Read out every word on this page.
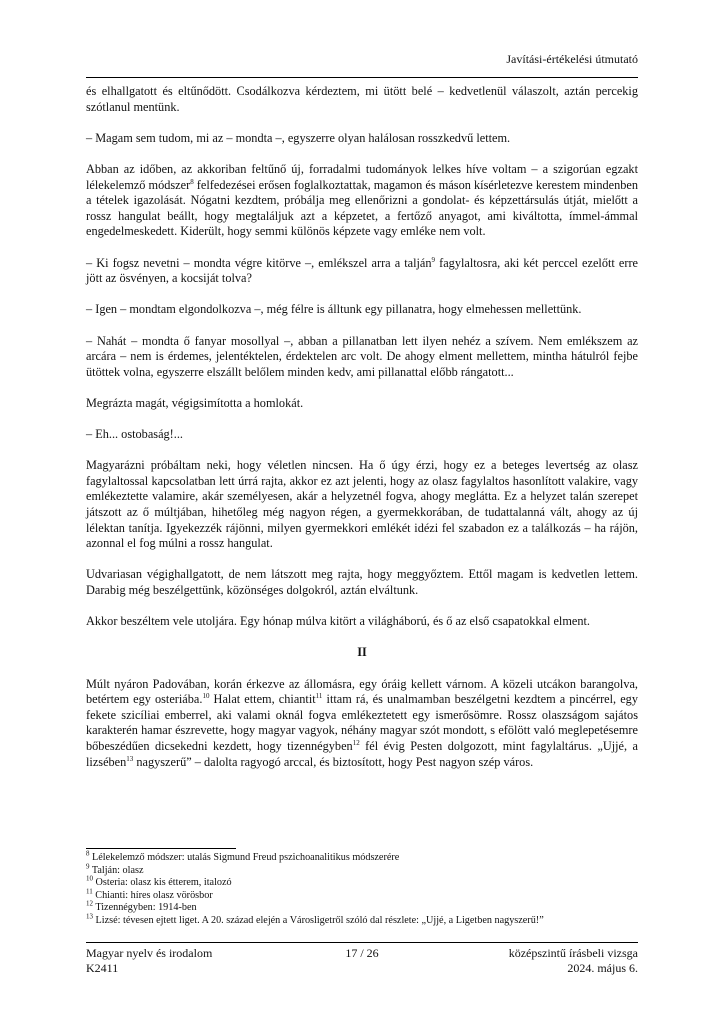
Javítási-értékelési útmutató

és elhallgatott és eltűnődött. Csodálkozva kérdeztem, mi ütött belé – kedvetlenül válaszolt, aztán percekig szótlanul mentünk.

– Magam sem tudom, mi az – mondta –, egyszerre olyan halálosan rosszkedvű lettem.

Abban az időben, az akkoriban feltűnő új, forradalmi tudományok lelkes híve voltam – a szigorúan egzakt lélekelemző módszer$^8$ felfedezései erősen foglalkoztattak, magamon és máson kísérletezve kerestem mindenben a tételek igazolását. Nógatni kezdtem, próbálja meg ellenőrizni a gondolat- és képzettársulás útját, mielőtt a rossz hangulat beállt, hogy megtaláljuk azt a képzetet, a fertőző anyagot, ami kiváltotta, ímmel-ámmal engedelmeskedett. Kiderült, hogy semmi különös képzete vagy emléke nem volt.

– Ki fogsz nevetni – mondta végre kitörve –, emlékszel arra a talján$^9$ fagylaltosra, aki két perccel ezelőtt erre jött az ösvényen, a kocsiját tolva?

– Igen – mondtam elgondolkozva –, még félre is álltunk egy pillanatra, hogy elmehessen mellettünk.

– Nahát – mondta ő fanyar mosollyal –, abban a pillanatban lett ilyen nehéz a szívem. Nem emlékszem az arcára – nem is érdemes, jelentéktelen, érdektelen arc volt. De ahogy elment mellettem, mintha hátulról fejbe ütöttek volna, egyszerre elszállt belőlem minden kedv, ami pillanattal előbb rángatott...

Megrázta magát, végigsimította a homlokát.

– Eh... ostobaság!...

Magyarázni próbáltam neki, hogy véletlen nincsen. Ha ő úgy érzi, hogy ez a beteges levertség az olasz fagylaltossal kapcsolatban lett úrrá rajta, akkor ez azt jelenti, hogy az olasz fagylaltos hasonlított valakire, vagy emlékeztette valamire, akár személyesen, akár a helyzetnél fogva, ahogy meglátta. Ez a helyzet talán szerepet játszott az ő múltjában, hihetőleg még nagyon régen, a gyermekkorában, de tudattalanná vált, ahogy az új lélektan tanítja. Igyekezzék rájönni, milyen gyermekkori emlékét idézi fel szabadon ez a találkozás – ha rájön, azonnal el fog múlni a rossz hangulat.

Udvariasan végighallgatott, de nem látszott meg rajta, hogy meggyőztem. Ettől magam is kedvetlen lettem. Darabig még beszélgettünk, közönséges dolgokról, aztán elváltunk.

Akkor beszéltem vele utoljára. Egy hónap múlva kitört a világháború, és ő az első csapatokkal elment.

II

Múlt nyáron Padovában, korán érkezve az állomásra, egy óráig kellett várnom. A közeli utcákon barangolva, betértem egy osteriába.$^{10}$ Halat ettem, chiantit$^{11}$ ittam rá, és unalmamban beszélgetni kezdtem a pincérrel, egy fekete szicíliai emberrel, aki valami oknál fogva emlékeztetett egy ismerősömre. Rossz olaszságom sajátos karakterén hamar észrevette, hogy magyar vagyok, néhány magyar szót mondott, s efölött való meglepetésemre bőbeszédűen dicsekedni kezdett, hogy tizennégyben$^{12}$ fél évig Pesten dolgozott, mint fagylaltárus. „Ujjé, a lizsében$^{13}$ nagyszerű” – dalolta ragyogó arccal, és biztosított, hogy Pest nagyon szép város.

$^8$ Lélekelemző módszer: utalás Sigmund Freud pszichoanalitikus módszerére
$^9$ Talján: olasz
$^{10}$ Osteria: olasz kis étterem, italozó
$^{11}$ Chianti: híres olasz vörösbor
$^{12}$ Tizennégyben: 1914-ben
$^{13}$ Lizsé: tévesen ejtett liget. A 20. század elején a Városligetről szóló dal részlete: „Ujjé, a Ligetben nagyszerű!”
Magyar nyelv és irodalom
K2411
17 / 26	középszintű írásbeli vizsga
2024. május 6.
